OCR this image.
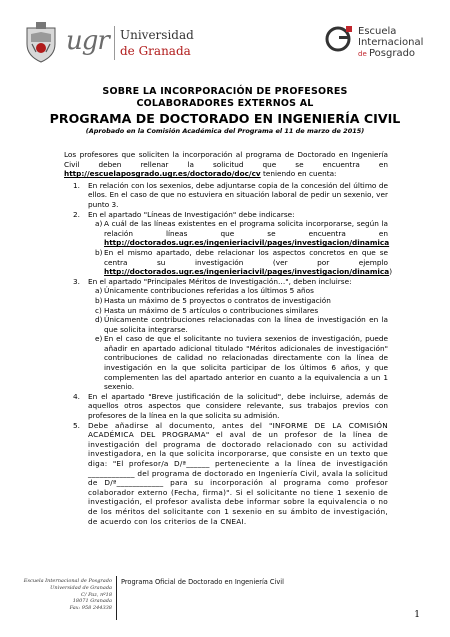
ugr Universidad
de Granada
Escuela
Internacional
de Posgrado
SOBRE LA INCORPORACIÓN DE PROFESORES
COLABORADORES EXTERNOS AL
PROGRAMA DE DOCTORADO EN INGENIERÍA CIVIL
(Aprobado en la Comisión Académica del Programa el 11 de marzo de 2015)

Los profesores que soliciten la incorporación al programa de Doctorado en Ingeniería Civil deben rellenar la solicitud que se encuentra en http://escuelaposgrado.ugr.es/doctorado/doc/cv teniendo en cuenta:

1. En relación con los sexenios, debe adjuntarse copia de la concesión del último de ellos. En el caso de que no estuviera en situación laboral de pedir un sexenio, ver punto 3.
2. En el apartado "Líneas de Investigación" debe indicarse:
a) A cuál de las líneas existentes en el programa solicita incorporarse, según la relación líneas que se encuentra en http://doctorados.ugr.es/ingenieriacivil/pages/investigacion/dinamica
b) En el mismo apartado, debe relacionar los aspectos concretos en que se centra su investigación (ver por ejemplo http://doctorados.ugr.es/ingenieriacivil/pages/investigacion/dinamica)
3. En el apartado "Principales Méritos de Investigación…", deben incluirse:
a) Únicamente contribuciones referidas a los últimos 5 años
b) Hasta un máximo de 5 proyectos o contratos de investigación
c) Hasta un máximo de 5 artículos o contribuciones similares
d) Únicamente contribuciones relacionadas con la línea de investigación en la que solicita integrarse.
e) En el caso de que el solicitante no tuviera sexenios de investigación, puede añadir en apartado adicional titulado "Méritos adicionales de investigación" contribuciones de calidad no relacionadas directamente con la línea de investigación en la que solicita participar de los últimos 6 años, y que complementen las del apartado anterior en cuanto a la equivalencia a un 1 sexenio.
4. En el apartado "Breve justificación de la solicitud", debe incluirse, además de aquellos otros aspectos que considere relevante, sus trabajos previos con profesores de la línea en la que solicita su admisión.
5. Debe añadirse al documento, antes del "INFORME DE LA COMISIÓN ACADÉMICA DEL PROGRAMA" el aval de un profesor de la línea de investigación del programa de doctorado relacionado con su actividad investigadora, en la que solicita incorporarse, que consiste en un texto que diga: "El profesor/a D/ª______ perteneciente a la línea de investigación ____________ del programa de doctorado en Ingeniería Civil, avala la solicitud de D/ª____________ para su incorporación al programa como profesor colaborador externo (Fecha, firma)". Si el solicitante no tiene 1 sexenio de investigación, el profesor avalista debe informar sobre la equivalencia o no de los méritos del solicitante con 1 sexenio en su ámbito de investigación, de acuerdo con los criterios de la CNEAI.
Escuela Internacional de Posgrado
Universidad de Granada
C/ Paz, nº18
18071 Granada
Fax: 958 244338
Programa Oficial de Doctorado en Ingeniería Civil
1
